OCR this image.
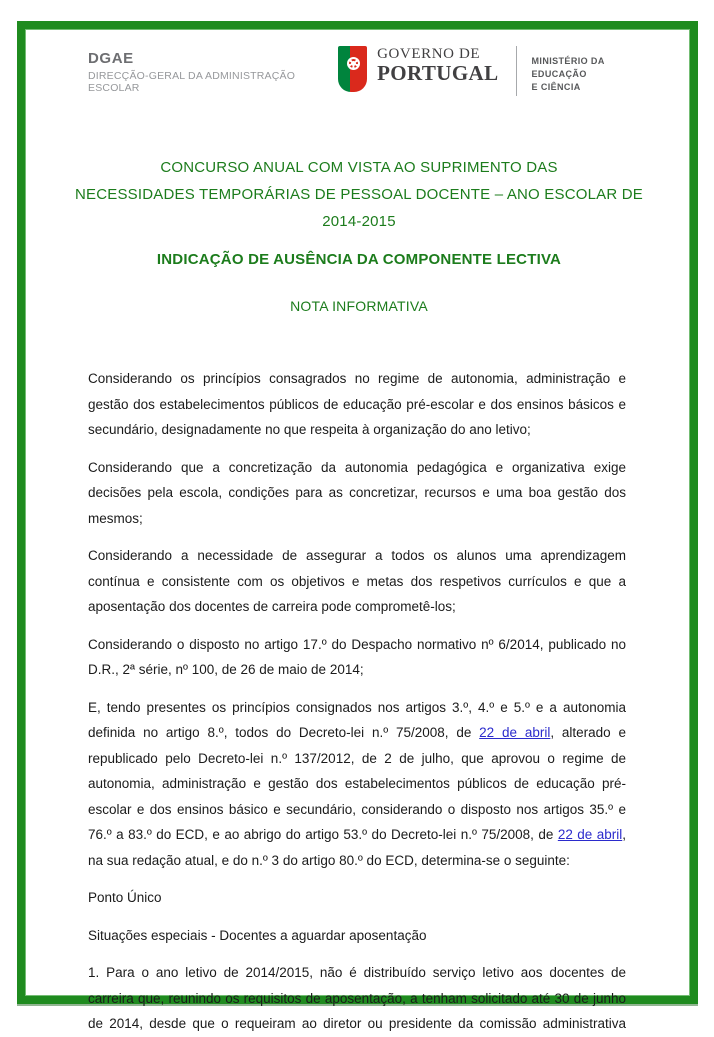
DGAE
DIRECÇÃO-GERAL DA ADMINISTRAÇÃO ESCOLAR
GOVERNO DE
PORTUGAL	MINISTÉRIO DA EDUCAÇÃO
E CIÊNCIA
CONCURSO ANUAL COM VISTA AO SUPRIMENTO DAS
NECESSIDADES TEMPORÁRIAS DE PESSOAL DOCENTE – ANO ESCOLAR DE 2014-2015
INDICAÇÃO DE AUSÊNCIA DA COMPONENTE LECTIVA
NOTA INFORMATIVA

Considerando os princípios consagrados no regime de autonomia, administração e gestão dos estabelecimentos públicos de educação pré-escolar e dos ensinos básicos e secundário, designadamente no que respeita à organização do ano letivo;

Considerando que a concretização da autonomia pedagógica e organizativa exige decisões pela escola, condições para as concretizar, recursos e uma boa gestão dos mesmos;

Considerando a necessidade de assegurar a todos os alunos uma aprendizagem contínua e consistente com os objetivos e metas dos respetivos currículos e que a aposentação dos docentes de carreira pode comprometê-los;

Considerando o disposto no artigo 17.º do Despacho normativo nº 6/2014, publicado no D.R., 2ª série, nº 100, de 26 de maio de 2014;

E, tendo presentes os princípios consignados nos artigos 3.º, 4.º e 5.º e a autonomia definida no artigo 8.º, todos do Decreto-lei n.º 75/2008, de 22 de abril, alterado e republicado pelo Decreto-lei n.º 137/2012, de 2 de julho, que aprovou o regime de autonomia, administração e gestão dos estabelecimentos públicos de educação pré-escolar e dos ensinos básico e secundário, considerando o disposto nos artigos 35.º e 76.º a 83.º do ECD, e ao abrigo do artigo 53.º do Decreto-lei n.º 75/2008, de 22 de abril, na sua redação atual, e do n.º 3 do artigo 80.º do ECD, determina-se o seguinte:

Ponto Único

Situações especiais - Docentes a aguardar aposentação

1. Para o ano letivo de 2014/2015, não é distribuído serviço letivo aos docentes de carreira que, reunindo os requisitos de aposentação, a tenham solicitado até 30 de junho de 2014, desde que o requeiram ao diretor ou presidente da comissão administrativa
